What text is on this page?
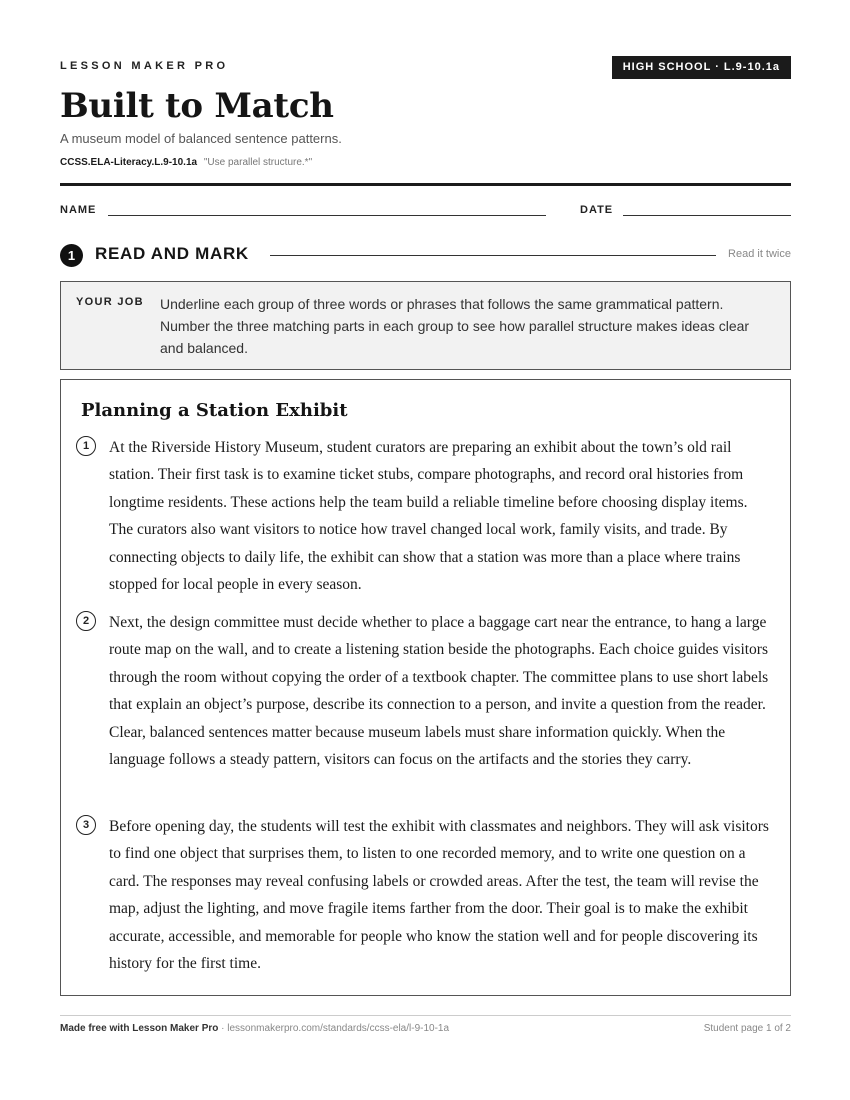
LESSON MAKER PRO	HIGH SCHOOL · L.9-10.1a
Built to Match
A museum model of balanced sentence patterns.
CCSS.ELA-Literacy.L.9-10.1a "Use parallel structure.*"
NAME	DATE
1	READ AND MARK	Read it twice
YOUR JOB Underline each group of three words or phrases that follows the same grammatical pattern. Number the three matching parts in each group to see how parallel structure makes ideas clear and balanced.
Planning a Station Exhibit
1	At the Riverside History Museum, student curators are preparing an exhibit about the town’s old rail station. Their first task is to examine ticket stubs, compare photographs, and record oral histories from longtime residents. These actions help the team build a reliable timeline before choosing display items. The curators also want visitors to notice how travel changed local work, family visits, and trade. By connecting objects to daily life, the exhibit can show that a station was more than a place where trains stopped for local people in every season.

2	Next, the design committee must decide whether to place a baggage cart near the entrance, to hang a large route map on the wall, and to create a listening station beside the photographs. Each choice guides visitors through the room without copying the order of a textbook chapter. The committee plans to use short labels that explain an object’s purpose, describe its connection to a person, and invite a question from the reader. Clear, balanced sentences matter because museum labels must share information quickly. When the language follows a steady pattern, visitors can focus on the artifacts and the stories they carry.

3	Before opening day, the students will test the exhibit with classmates and neighbors. They will ask visitors to find one object that surprises them, to listen to one recorded memory, and to write one question on a card. The responses may reveal confusing labels or crowded areas. After the test, the team will revise the map, adjust the lighting, and move fragile items farther from the door. Their goal is to make the exhibit accurate, accessible, and memorable for people who know the station well and for people discovering its history for the first time.

Made free with Lesson Maker Pro · lessonmakerpro.com/standards/ccss-ela/l-9-10-1a	Student page 1 of 2
